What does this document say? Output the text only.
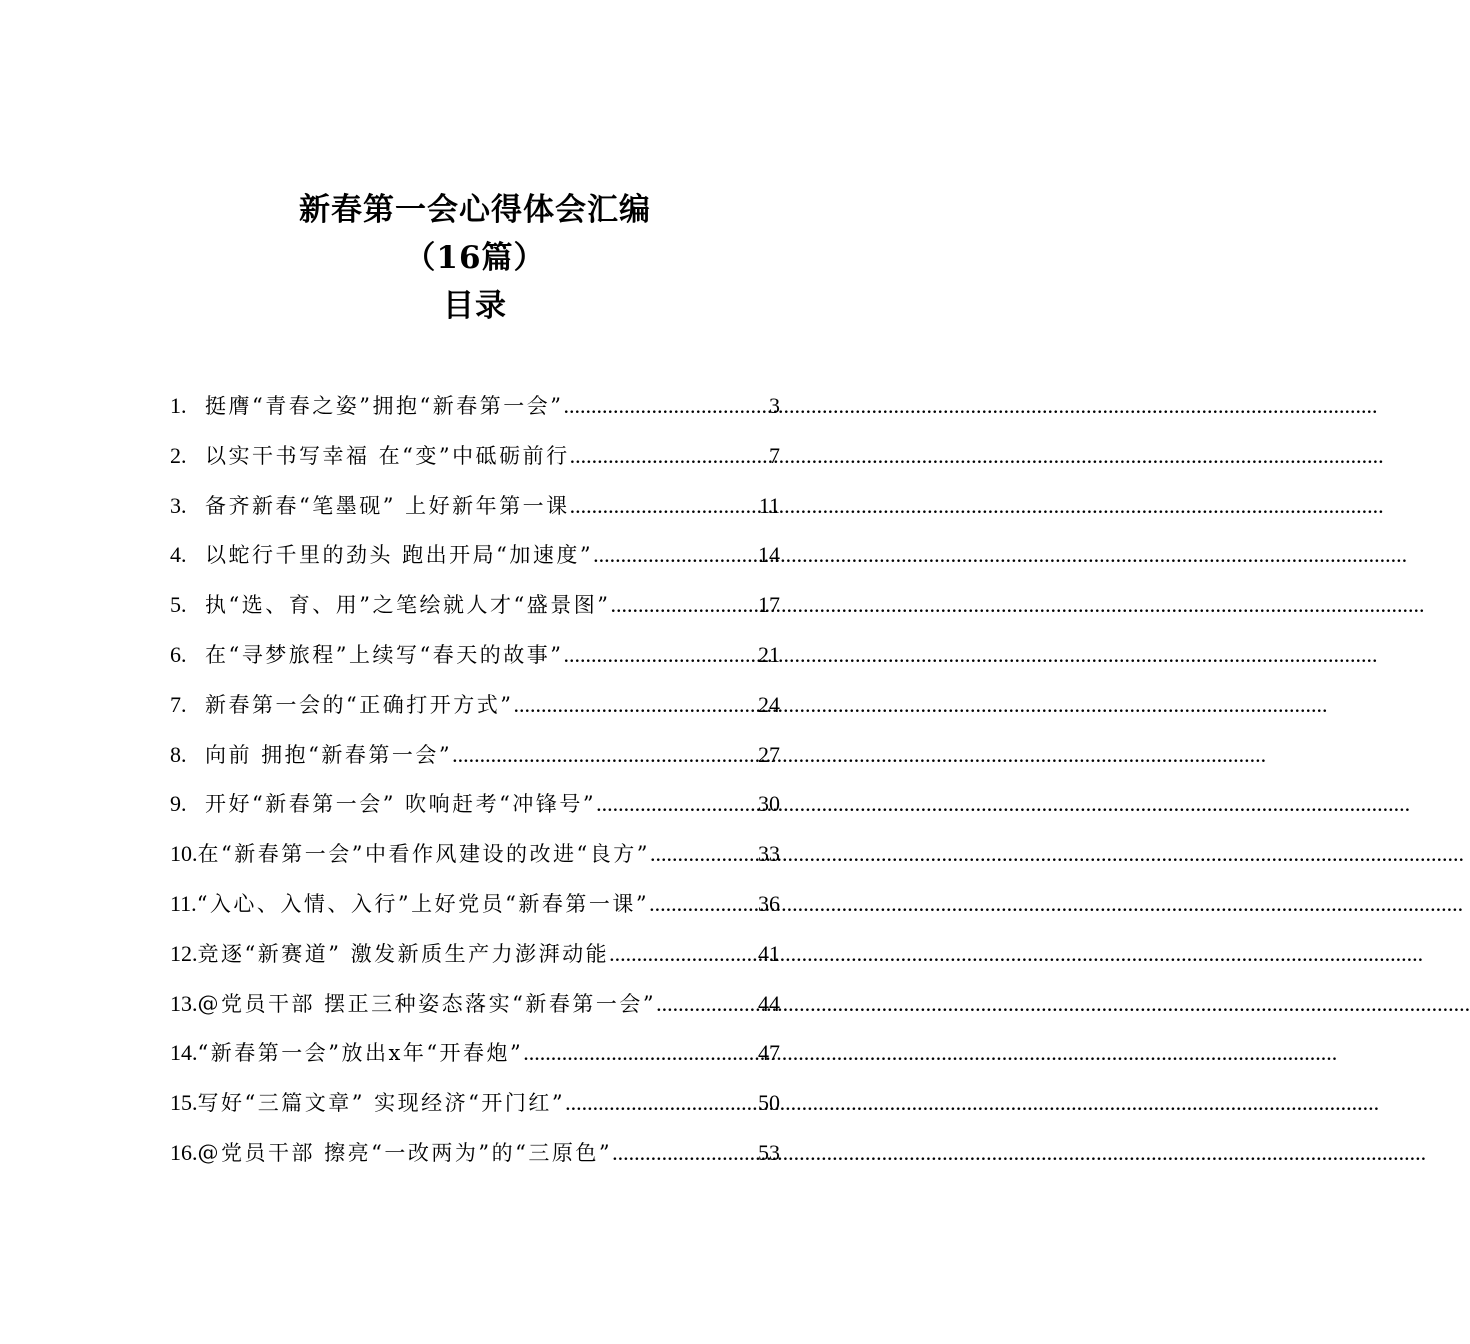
新春第一会心得体会汇编
（16篇）
目录
1. 挺膺“青春之姿”拥抱“新春第一会” .....	3
2. 以实干书写幸福 在“变”中砥砺前行 .....	7
3. 备齐新春“笔墨砚” 上好新年第一课 .....	11
4. 以蛇行千里的劲头 跑出开局“加速度” .....	14
5. 执“选、育、用”之笔绘就人才“盛景图” .....	17
6. 在“寻梦旅程”上续写“春天的故事” .....	21
7. 新春第一会的“正确打开方式” .....	24
8. 向前 拥抱“新春第一会” .....	27
9. 开好“新春第一会” 吹响赶考“冲锋号” .....	30
10. 在“新春第一会”中看作风建设的改进“良方” .....	33
11. “入心、入情、入行”上好党员“新春第一课” .....	36
12. 竞逐“新赛道” 激发新质生产力澎湃动能 .....	41
13. @党员干部 摆正三种姿态落实“新春第一会” .....	44
14. “新春第一会”放出x年“开春炮” .....	47
15. 写好“三篇文章” 实现经济“开门红” .....	50
16. @党员干部 擦亮“一改两为”的“三原色” .....	53
